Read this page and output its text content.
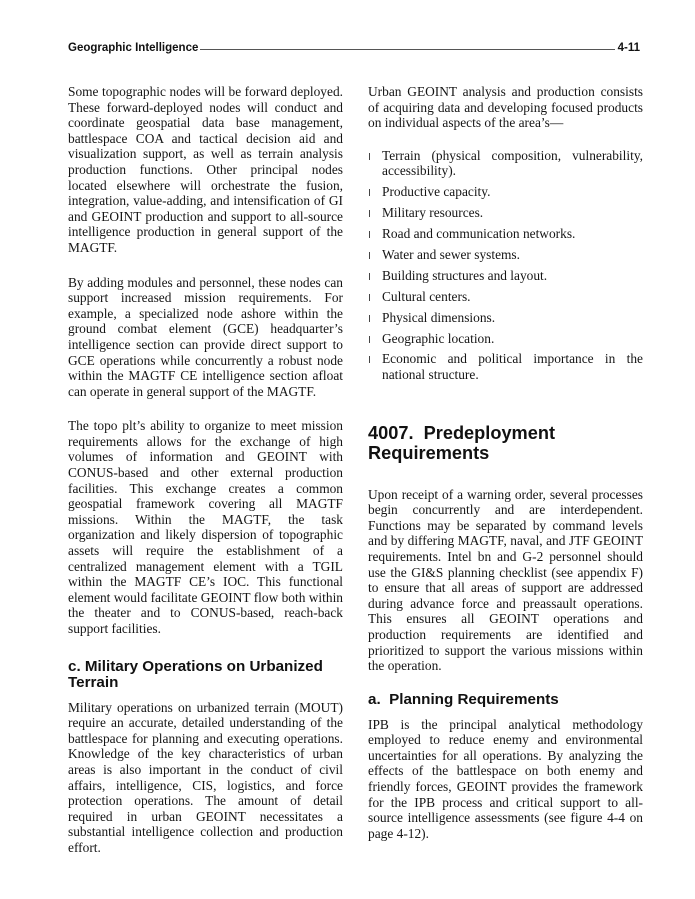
Geographic Intelligence	4-11

Some topographic nodes will be forward deployed. These forward-deployed nodes will conduct and coordinate geospatial data base management, battlespace COA and tactical decision aid and visualization support, as well as terrain analysis production functions. Other principal nodes located elsewhere will orchestrate the fusion, integration, value-adding, and intensification of GI and GEOINT production and support to all-source intelligence production in general support of the MAGTF.

By adding modules and personnel, these nodes can support increased mission requirements. For example, a specialized node ashore within the ground combat element (GCE) headquarter’s intelligence section can provide direct support to GCE operations while concurrently a robust node within the MAGTF CE intelligence section afloat can operate in general support of the MAGTF.

The topo plt’s ability to organize to meet mission requirements allows for the exchange of high volumes of information and GEOINT with CONUS-based and other external production facilities. This exchange creates a common geospatial framework covering all MAGTF missions. Within the MAGTF, the task organization and likely dispersion of topographic assets will require the establishment of a centralized management element with a TGIL within the MAGTF CE’s IOC. This functional element would facilitate GEOINT flow both within the theater and to CONUS-based, reach-back support facilities.

c. Military Operations on Urbanized Terrain

Military operations on urbanized terrain (MOUT) require an accurate, detailed understanding of the battlespace for planning and executing operations. Knowledge of the key characteristics of urban areas is also important in the conduct of civil affairs, intelligence, CIS, logistics, and force protection operations. The amount of detail required in urban GEOINT necessitates a substantial intelligence collection and production effort.

Urban GEOINT analysis and production consists of acquiring data and developing focused products on individual aspects of the area’s—

Terrain (physical composition, vulnerability, accessibility).
Productive capacity.
Military resources.
Road and communication networks.
Water and sewer systems.
Building structures and layout.
Cultural centers.
Physical dimensions.
Geographic location.
Economic and political importance in the national structure.
4007.  Predeployment
Requirements

Upon receipt of a warning order, several processes begin concurrently and are interdependent. Functions may be separated by command levels and by differing MAGTF, naval, and JTF GEOINT requirements. Intel bn and G-2 personnel should use the GI&S planning checklist (see appendix F) to ensure that all areas of support are addressed during advance force and preassault operations. This ensures all GEOINT operations and production requirements are identified and prioritized to support the various missions within the operation.

a.  Planning Requirements

IPB is the principal analytical methodology employed to reduce enemy and environmental uncertainties for all operations. By analyzing the effects of the battlespace on both enemy and friendly forces, GEOINT provides the framework for the IPB process and critical support to all-source intelligence assessments (see figure 4-4 on page 4-12).
